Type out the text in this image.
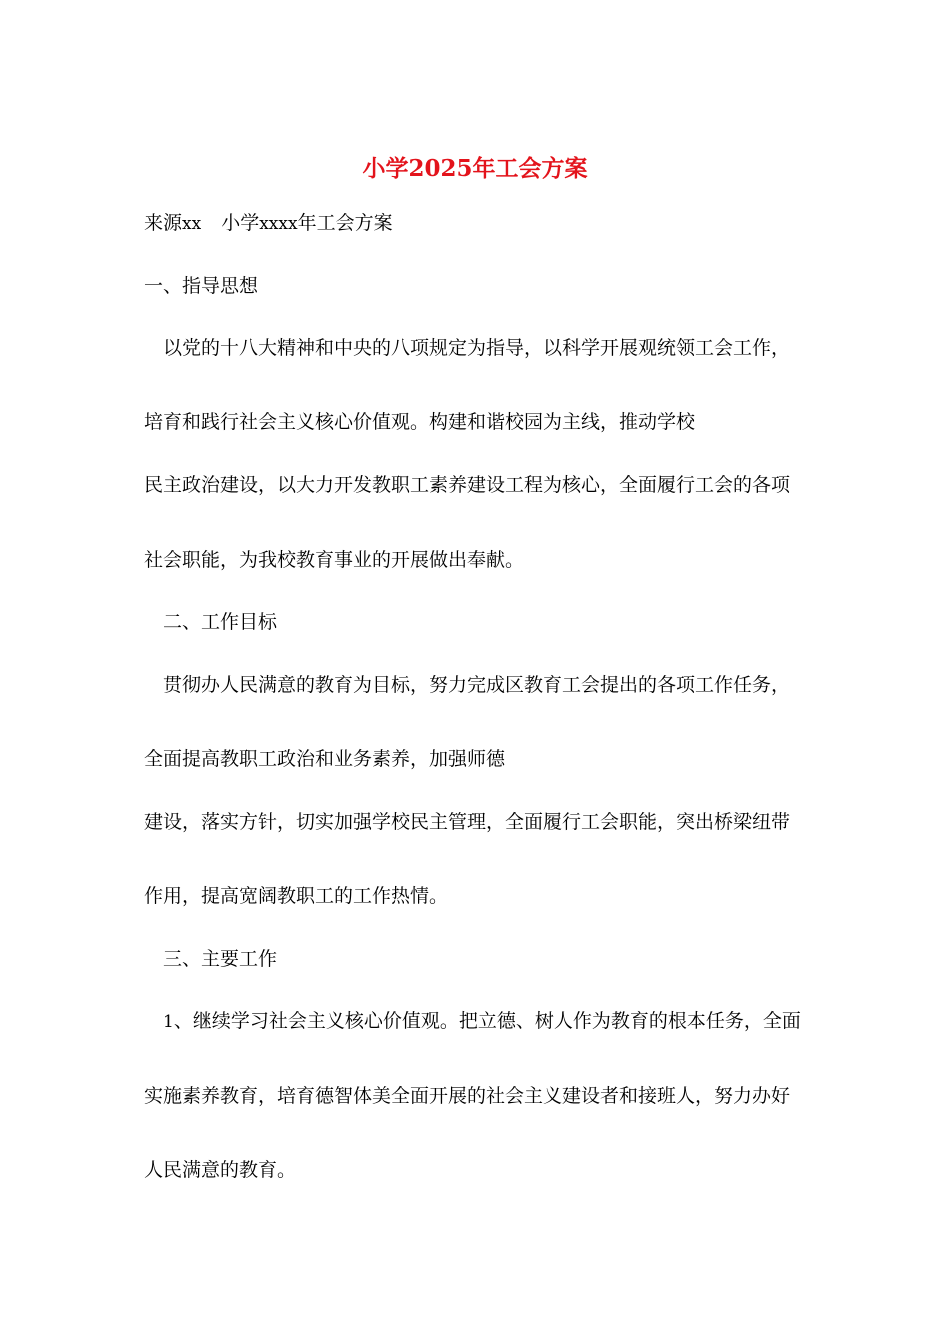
小学2025年工会方案
来源xx 小学xxxx年工会方案
一、指导思想
以党的十八大精神和中央的八项规定为指导，以科学开展观统领工会工作，
培育和践行社会主义核心价值观。构建和谐校园为主线，推动学校
民主政治建设，以大力开发教职工素养建设工程为核心，全面履行工会的各项
社会职能，为我校教育事业的开展做出奉献。
二、工作目标
贯彻办人民满意的教育为目标，努力完成区教育工会提出的各项工作任务，
全面提高教职工政治和业务素养，加强师德
建设，落实方针，切实加强学校民主管理，全面履行工会职能，突出桥梁纽带
作用，提高宽阔教职工的工作热情。
三、主要工作
1、继续学习社会主义核心价值观。把立德、树人作为教育的根本任务，全面
实施素养教育，培育德智体美全面开展的社会主义建设者和接班人，努力办好
人民满意的教育。
